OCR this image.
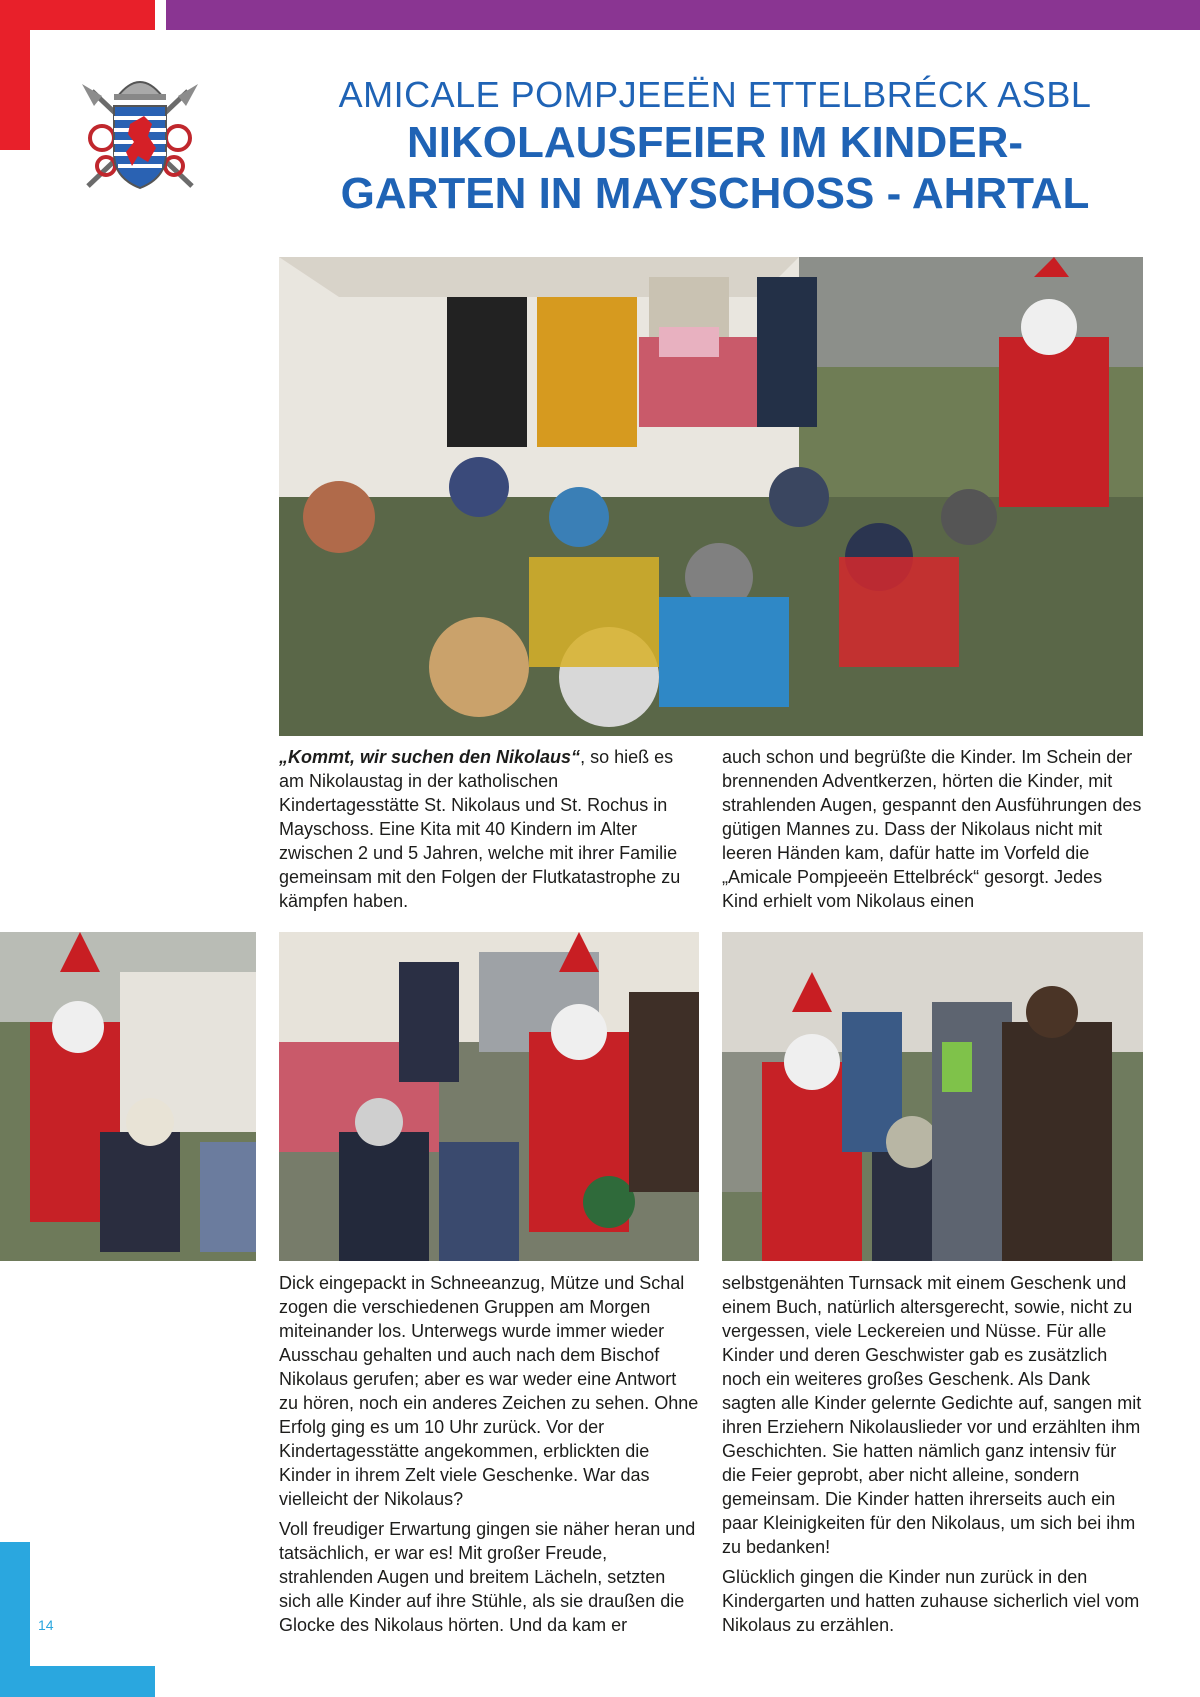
AMICALE POMPJEEËN ETTELBRÉCK ASBL
NIKOLAUSFEIER IM KINDER-
GARTEN IN MAYSCHOSS - AHRTAL

„Kommt, wir suchen den Nikolaus“, so hieß es am Nikolaustag in der katholischen Kindertagesstätte St. Nikolaus und St. Rochus in Mayschoss. Eine Kita mit 40 Kindern im Alter zwischen 2 und 5 Jahren, welche mit ihrer Familie gemeinsam mit den Folgen der Flutkatastrophe zu kämpfen haben.

auch schon und begrüßte die Kinder. Im Schein der brennenden Adventkerzen, hörten die Kinder, mit strahlenden Augen, gespannt den Ausführungen des gütigen Mannes zu. Dass der Nikolaus nicht mit leeren Händen kam, dafür hatte im Vorfeld die „Amicale Pompjeeën Ettelbréck“ gesorgt. Jedes Kind erhielt vom Nikolaus einen

Dick eingepackt in Schneeanzug, Mütze und Schal zogen die verschiedenen Gruppen am Morgen miteinander los. Unterwegs wurde immer wieder Ausschau gehalten und auch nach dem Bischof Nikolaus gerufen; aber es war weder eine Antwort zu hören, noch ein anderes Zeichen zu sehen. Ohne Erfolg ging es um 10 Uhr zurück. Vor der Kindertagesstätte angekommen, erblickten die Kinder in ihrem Zelt viele Geschenke. War das vielleicht der Nikolaus?

Voll freudiger Erwartung gingen sie näher heran und tatsächlich, er war es! Mit großer Freude, strahlenden Augen und breitem Lächeln, setzten sich alle Kinder auf ihre Stühle, als sie draußen die Glocke des Nikolaus hörten. Und da kam er

selbstgenähten Turnsack mit einem Geschenk und einem Buch, natürlich altersgerecht, sowie, nicht zu vergessen, viele Leckereien und Nüsse. Für alle Kinder und deren Geschwister gab es zusätzlich noch ein weiteres großes Geschenk. Als Dank sagten alle Kinder gelernte Gedichte auf, sangen mit ihren Erziehern Nikolauslieder vor und erzählten ihm Geschichten. Sie hatten nämlich ganz intensiv für die Feier geprobt, aber nicht alleine, sondern gemeinsam. Die Kinder hatten ihrerseits auch ein paar Kleinigkeiten für den Nikolaus, um sich bei ihm zu bedanken!

Glücklich gingen die Kinder nun zurück in den Kindergarten und hatten zuhause sicherlich viel vom Nikolaus zu erzählen.

14
